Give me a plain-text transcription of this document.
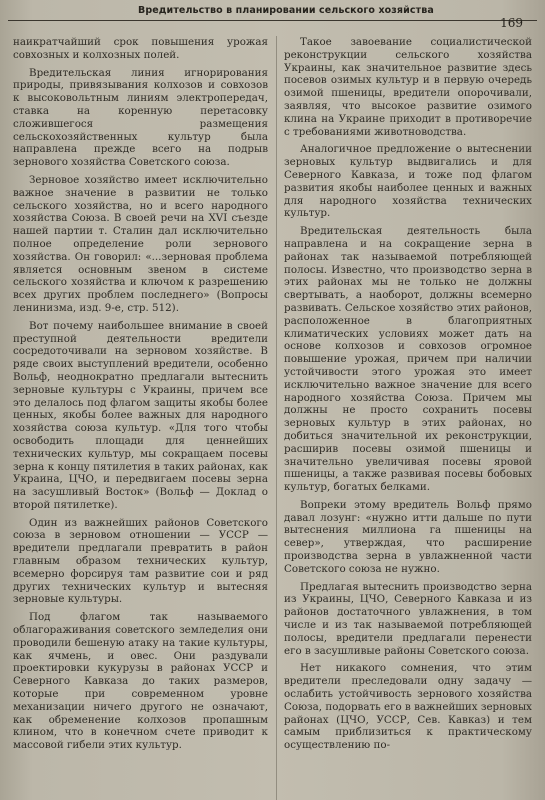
Вредительство в планировании сельского хозяйства
169

наикратчайший срок повышения урожая совхозных и колхозных полей.

Вредительская линия игнорирования природы, привязывания колхозов и совхозов к высоковольтным линиям электропередач, ставка на коренную перетасовку сложившегося размещения сельскохозяйственных культур была направлена прежде всего на подрыв зернового хозяйства Советского союза.

Зерновое хозяйство имеет исключительно важное значение в развитии не только сельского хозяйства, но и всего народного хозяйства Союза. В своей речи на XVI съезде нашей партии т. Сталин дал исключительно полное определение роли зернового хозяйства. Он говорил: «...зерновая проблема является основным звеном в системе сельского хозяйства и ключом к разрешению всех других проблем последнего» (Вопросы ленинизма, изд. 9-е, стр. 512).

Вот почему наибольшее внимание в своей преступной деятельности вредители сосредоточивали на зерновом хозяйстве. В ряде своих выступлений вредители, особенно Вольф, неоднократно предлагали вытеснить зерновые культуры с Украины, причем все это делалось под флагом защиты якобы более ценных, якобы более важных для народного хозяйства союза культур. «Для того чтобы освободить площади для ценнейших технических культур, мы сокращаем посевы зерна к концу пятилетия в таких районах, как Украина, ЦЧО, и передвигаем посевы зерна на засушливый Восток» (Вольф — Доклад о второй пятилетке).

Один из важнейших районов Советского союза в зерновом отношении — УССР — вредители предлагали превратить в район главным образом технических культур, всемерно форсируя там развитие сои и ряд других технических культур и вытесняя зерновые культуры.

Под флагом так называемого облагораживания советского земледелия они проводили бешеную атаку на такие культуры, как ячмень, и овес. Они раздували проектировки кукурузы в районах УССР и Северного Кавказа до таких размеров, которые при современном уровне механизации ничего другого не означают, как обременение колхозов пропашным клином, что в конечном счете приводит к массовой гибели этих культур.

Такое завоевание социалистической реконструкции сельского хозяйства Украины, как значительное развитие здесь посевов озимых культур и в первую очередь озимой пшеницы, вредители опорочивали, заявляя, что высокое развитие озимого клина на Украине приходит в противоречие с требованиями животноводства.

Аналогичное предложение о вытеснении зерновых культур выдвигались и для Северного Кавказа, и тоже под флагом развития якобы наиболее ценных и важных для народного хозяйства технических культур.

Вредительская деятельность была направлена и на сокращение зерна в районах так называемой потребляющей полосы. Известно, что производство зерна в этих районах мы не только не должны свертывать, а наоборот, должны всемерно развивать. Сельское хозяйство этих районов, расположенное в благоприятных климатических условиях может дать на основе колхозов и совхозов огромное повышение урожая, причем при наличии устойчивости этого урожая это имеет исключительно важное значение для всего народного хозяйства Союза. Причем мы должны не просто сохранить посевы зерновых культур в этих районах, но добиться значительной их реконструкции, расширив посевы озимой пшеницы и значительно увеличивая посевы яровой пшеницы, а также развивая посевы бобовых культур, богатых белками.

Вопреки этому вредитель Вольф прямо давал лозунг: «нужно итти дальше по пути вытеснения миллиона га пшеницы на север», утверждая, что расширение производства зерна в увлажненной части Советского союза не нужно.

Предлагая вытеснить производство зерна из Украины, ЦЧО, Северного Кавказа и из районов достаточного увлажнения, в том числе и из так называемой потребляющей полосы, вредители предлагали перенести его в засушливые районы Советского союза.

Нет никакого сомнения, что этим вредители преследовали одну задачу — ослабить устойчивость зернового хозяйства Союза, подорвать его в важнейших зерновых районах (ЦЧО, УССР, Сев. Кавказ) и тем самым приблизиться к практическому осуществлению по-
